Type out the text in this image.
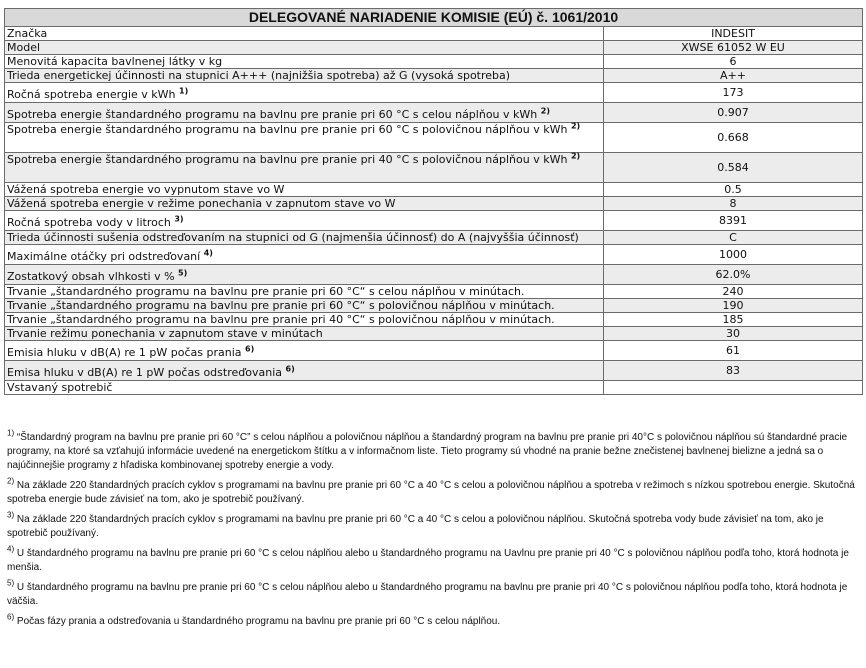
DELEGOVANÉ NARIADENIE KOMISIE (EÚ) č. 1061/2010	
Značka	INDESIT
Model	XWSE 61052 W EU
Menovitá kapacita bavlnenej látky v kg	6
Trieda energetickej účinnosti na stupnici A+++ (najnižšia spotreba) až G (vysoká spotreba)	A++
Ročná spotreba energie v kWh $^{1)}$	173
Spotreba energie štandardného programu na bavlnu pre pranie pri 60 °C s celou náplňou v kWh $^{2)}$	0.907
Spotreba energie štandardného programu na bavlnu pre pranie pri 60 °C s polovičnou náplňou v kWh $^{2)}$	0.668
Spotreba energie štandardného programu na bavlnu pre pranie pri 40 °C s polovičnou náplňou v kWh $^{2)}$	0.584
Vážená spotreba energie vo vypnutom stave vo W	0.5
Vážená spotreba energie v režime ponechania v zapnutom stave vo W	8
Ročná spotreba vody v litroch $^{3)}$	8391
Trieda účinnosti sušenia odstreďovaním na stupnici od G (najmenšia účinnosť) do A (najvyššia účinnosť)	C
Maximálne otáčky pri odstreďovaní $^{4)}$	1000
Zostatkový obsah vlhkosti v % $^{5)}$	62.0%
Trvanie „štandardného programu na bavlnu pre pranie pri 60 °C“ s celou náplňou v minútach.	240
Trvanie „štandardného programu na bavlnu pre pranie pri 60 °C“ s polovičnou náplňou v minútach.	190
Trvanie „štandardného programu na bavlnu pre pranie pri 40 °C“ s polovičnou náplňou v minútach.	185
Trvanie režimu ponechania v zapnutom stave v minútach	30
Emisia hluku v dB(A) re 1 pW počas prania $^{6)}$	61
Emisa hluku v dB(A) re 1 pW počas odstreďovania $^{6)}$	83
Vstavaný spotrebič	

$^{1)}$ “Štandardný program na bavlnu pre pranie pri 60 °C” s celou náplňou a polovičnou náplňou a štandardný program na bavlnu pre pranie pri 40°C s polovičnou náplňou sú štandardné pracie programy, na ktoré sa vzťahujú informácie uvedené na energetickom štítku a v informačnom liste. Tieto programy sú vhodné na pranie bežne znečistenej bavlnenej bielizne a jedná sa o najúčinnejšie programy z hľadiska kombinovanej spotreby energie a vody.

$^{2)}$ Na základe 220 štandardných pracích cyklov s programami na bavlnu pre pranie pri 60 °C a 40 °C s celou a polovičnou náplňou a spotreba v režimoch s nízkou spotrebou energie. Skutočná spotreba energie bude závisieť na tom, ako je spotrebič používaný.

$^{3)}$ Na základe 220 štandardných pracích cyklov s programami na bavlnu pre pranie pri 60 °C a 40 °C s celou a polovičnou náplňou. Skutočná spotreba vody bude závisieť na tom, ako je spotrebič používaný.

$^{4)}$ U štandardného programu na bavlnu pre pranie pri 60 °C s celou náplňou alebo u štandardného programu na Uavlnu pre pranie pri 40 °C s polovičnou náplňou podľa toho, ktorá hodnota je menšia.

$^{5)}$ U štandardného programu na bavlnu pre pranie pri 60 °C s celou náplňou alebo u štandardného programu na bavlnu pre pranie pri 40 °C s polovičnou náplňou podľa toho, ktorá hodnota je väčšia.

$^{6)}$ Počas fázy prania a odstreďovania u štandardného programu na bavlnu pre pranie pri 60 °C s celou náplňou.
